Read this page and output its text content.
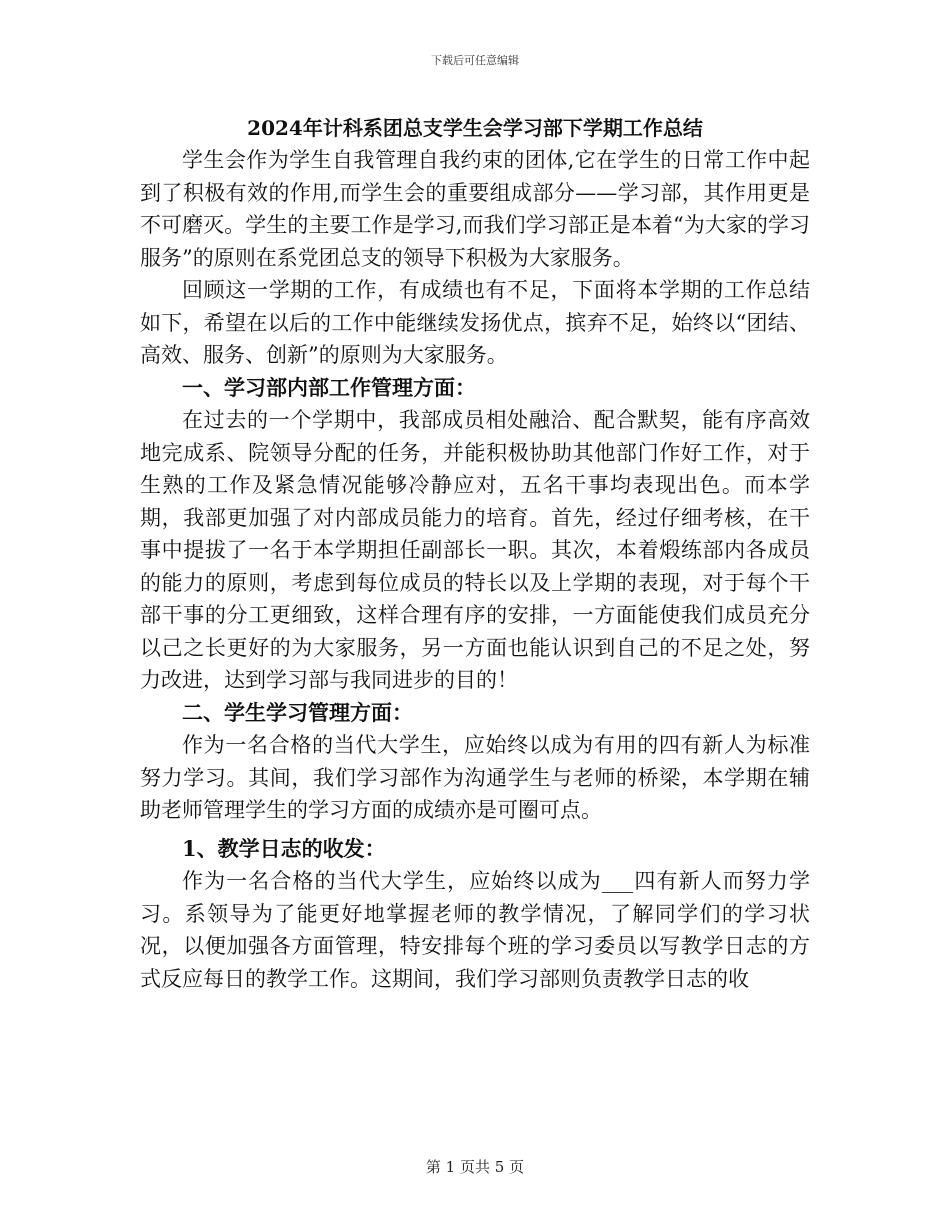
下载后可任意编辑
2024年计科系团总支学生会学习部下学期工作总结

学生会作为学生自我管理自我约束的团体,它在学生的日常工作中起到了积极有效的作用,而学生会的重要组成部分——学习部，其作用更是不可磨灭。学生的主要工作是学习,而我们学习部正是本着“为大家的学习服务”的原则在系党团总支的领导下积极为大家服务。

回顾这一学期的工作，有成绩也有不足，下面将本学期的工作总结如下，希望在以后的工作中能继续发扬优点，摈弃不足，始终以“团结、高效、服务、创新”的原则为大家服务。

一、学习部内部工作管理方面：

在过去的一个学期中，我部成员相处融洽、配合默契，能有序高效地完成系、院领导分配的任务，并能积极协助其他部门作好工作，对于生熟的工作及紧急情况能够冷静应对，五名干事均表现出色。而本学期，我部更加强了对内部成员能力的培育。首先，经过仔细考核，在干事中提拔了一名于本学期担任副部长一职。其次，本着煅练部内各成员的能力的原则，考虑到每位成员的特长以及上学期的表现，对于每个干部干事的分工更细致，这样合理有序的安排，一方面能使我们成员充分以己之长更好的为大家服务，另一方面也能认识到自己的不足之处，努力改进，达到学习部与我同进步的目的！

二、学生学习管理方面：

作为一名合格的当代大学生，应始终以成为有用的四有新人为标准努力学习。其间，我们学习部作为沟通学生与老师的桥梁，本学期在辅助老师管理学生的学习方面的成绩亦是可圈可点。

1、教学日志的收发：

作为一名合格的当代大学生，应始终以成为___四有新人而努力学习。系领导为了能更好地掌握老师的教学情况，了解同学们的学习状况，以便加强各方面管理，特安排每个班的学习委员以写教学日志的方式反应每日的教学工作。这期间，我们学习部则负责教学日志的收

第 1 页共 5 页
